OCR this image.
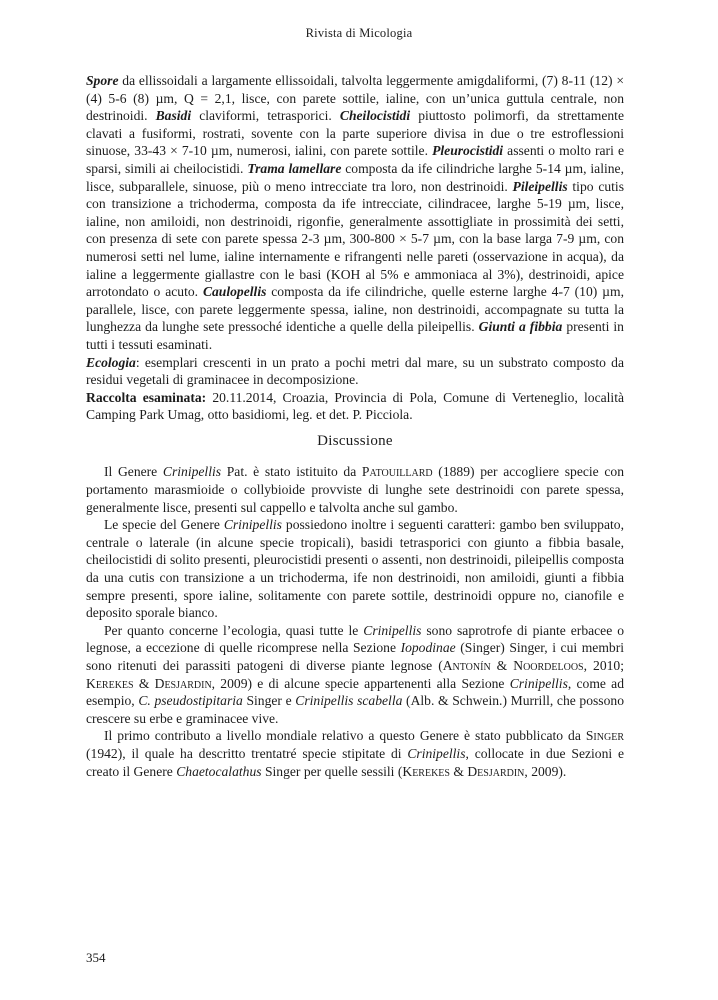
Rivista di Micologia

Spore da ellissoidali a largamente ellissoidali, talvolta leggermente amigdaliformi, (7) 8-11 (12) × (4) 5-6 (8) µm, Q = 2,1, lisce, con parete sottile, ialine, con un’unica guttula centrale, non destrinoidi. Basidi claviformi, tetrasporici. Cheilocistidi piuttosto polimorfi, da strettamente clavati a fusiformi, rostrati, sovente con la parte superiore divisa in due o tre estroflessioni sinuose, 33-43 × 7-10 µm, numerosi, ialini, con parete sottile. Pleurocistidi assenti o molto rari e sparsi, simili ai cheilocistidi. Trama lamellare composta da ife cilindriche larghe 5-14 µm, ialine, lisce, subparallele, sinuose, più o meno intrecciate tra loro, non destrinoidi. Pileipellis tipo cutis con transizione a trichoderma, composta da ife intrecciate, cilindracee, larghe 5-19 µm, lisce, ialine, non amiloidi, non destrinoidi, rigonfie, generalmente assottigliate in prossimità dei setti, con presenza di sete con parete spessa 2-3 µm, 300-800 × 5-7 µm, con la base larga 7-9 µm, con numerosi setti nel lume, ialine internamente e rifrangenti nelle pareti (osservazione in acqua), da ialine a leggermente giallastre con le basi (KOH al 5% e ammoniaca al 3%), destrinoidi, apice arrotondato o acuto. Caulopellis composta da ife cilindriche, quelle esterne larghe 4-7 (10) µm, parallele, lisce, con parete leggermente spessa, ialine, non destrinoidi, accompagnate su tutta la lunghezza da lunghe sete pressoché identiche a quelle della pileipellis. Giunti a fibbia presenti in tutti i tessuti esaminati.

Ecologia: esemplari crescenti in un prato a pochi metri dal mare, su un substrato composto da residui vegetali di graminacee in decomposizione.

Raccolta esaminata: 20.11.2014, Croazia, Provincia di Pola, Comune di Verteneglio, località Camping Park Umag, otto basidiomi, leg. et det. P. Picciola.

Discussione

Il Genere Crinipellis Pat. è stato istituito da Patouillard (1889) per accogliere specie con portamento marasmioide o collybioide provviste di lunghe sete destrinoidi con parete spessa, generalmente lisce, presenti sul cappello e talvolta anche sul gambo.

Le specie del Genere Crinipellis possiedono inoltre i seguenti caratteri: gambo ben sviluppato, centrale o laterale (in alcune specie tropicali), basidi tetrasporici con giunto a fibbia basale, cheilocistidi di solito presenti, pleurocistidi presenti o assenti, non destrinoidi, pileipellis composta da una cutis con transizione a un trichoderma, ife non destrinoidi, non amiloidi, giunti a fibbia sempre presenti, spore ialine, solitamente con parete sottile, destrinoidi oppure no, cianofile e deposito sporale bianco.

Per quanto concerne l’ecologia, quasi tutte le Crinipellis sono saprotrofe di piante erbacee o legnose, a eccezione di quelle ricomprese nella Sezione Iopodinae (Singer) Singer, i cui membri sono ritenuti dei parassiti patogeni di diverse piante legnose (Antonín & Noordeloos, 2010; Kerekes & Desjardin, 2009) e di alcune specie appartenenti alla Sezione Crinipellis, come ad esempio, C. pseudostipitaria Singer e Crinipellis scabella (Alb. & Schwein.) Murrill, che possono crescere su erbe e graminacee vive.

Il primo contributo a livello mondiale relativo a questo Genere è stato pubblicato da Singer (1942), il quale ha descritto trentatré specie stipitate di Crinipellis, collocate in due Sezioni e creato il Genere Chaetocalathus Singer per quelle sessili (Kerekes & Desjardin, 2009).

354
